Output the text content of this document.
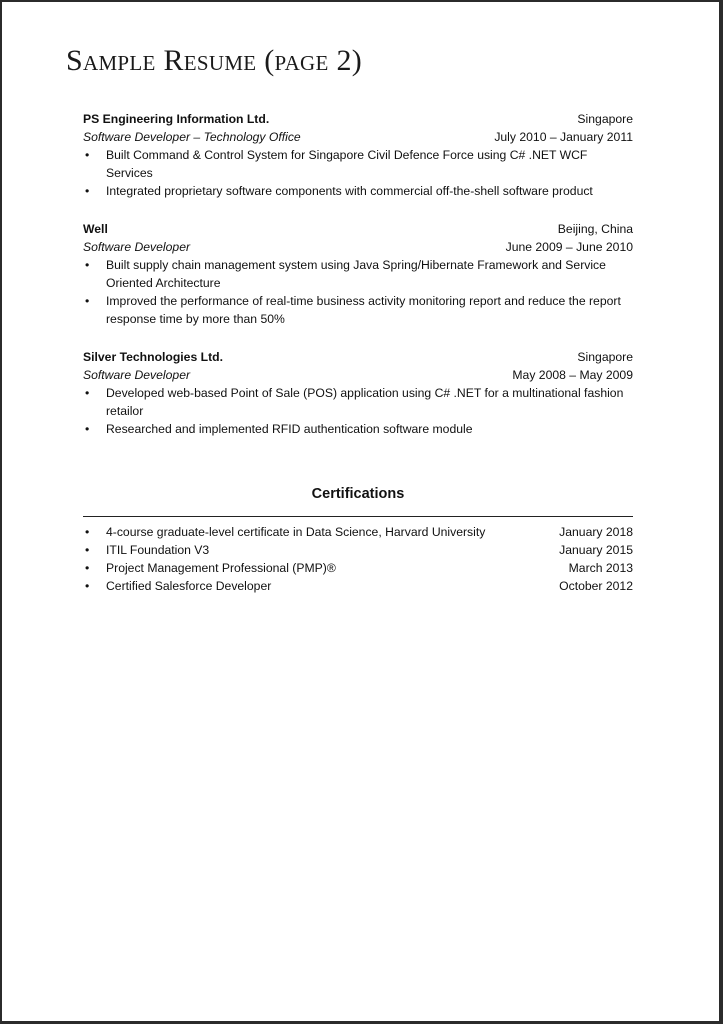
Sample Resume (page 2)
PS Engineering Information Ltd.	Singapore
Software Developer – Technology Office	July 2010 – January 2011
• Built Command & Control System for Singapore Civil Defence Force using C# .NET WCF Services
• Integrated proprietary software components with commercial off-the-shell software product
Well	Beijing, China
Software Developer	June 2009 – June 2010
• Built supply chain management system using Java Spring/Hibernate Framework and Service Oriented Architecture
• Improved the performance of real-time business activity monitoring report and reduce the report response time by more than 50%
Silver Technologies Ltd.	Singapore
Software Developer	May 2008 – May 2009
• Developed web-based Point of Sale (POS) application using C# .NET for a multinational fashion retailor
• Researched and implemented RFID authentication software module
Certifications
• 4-course graduate-level certificate in Data Science, Harvard University	January 2018
• ITIL Foundation V3	January 2015
• Project Management Professional (PMP)®	March 2013
• Certified Salesforce Developer	October 2012
